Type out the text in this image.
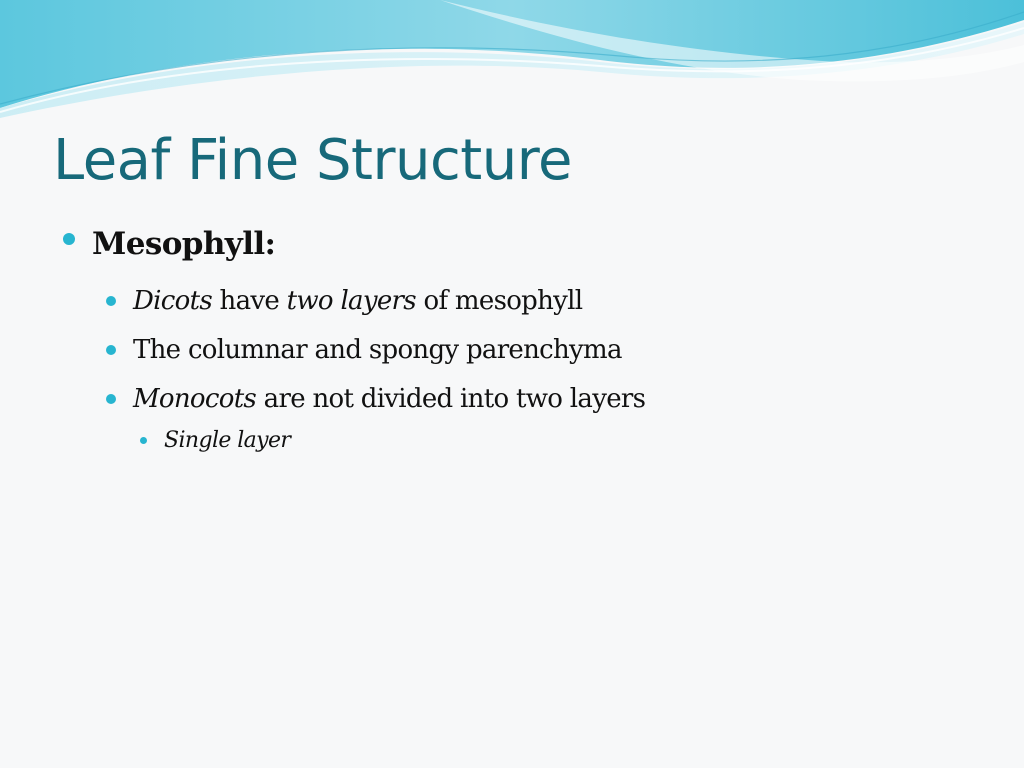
Leaf Fine Structure
Mesophyll:
Dicots have two layers of mesophyll
The columnar and spongy parenchyma
Monocots are not divided into two layers
Single layer
